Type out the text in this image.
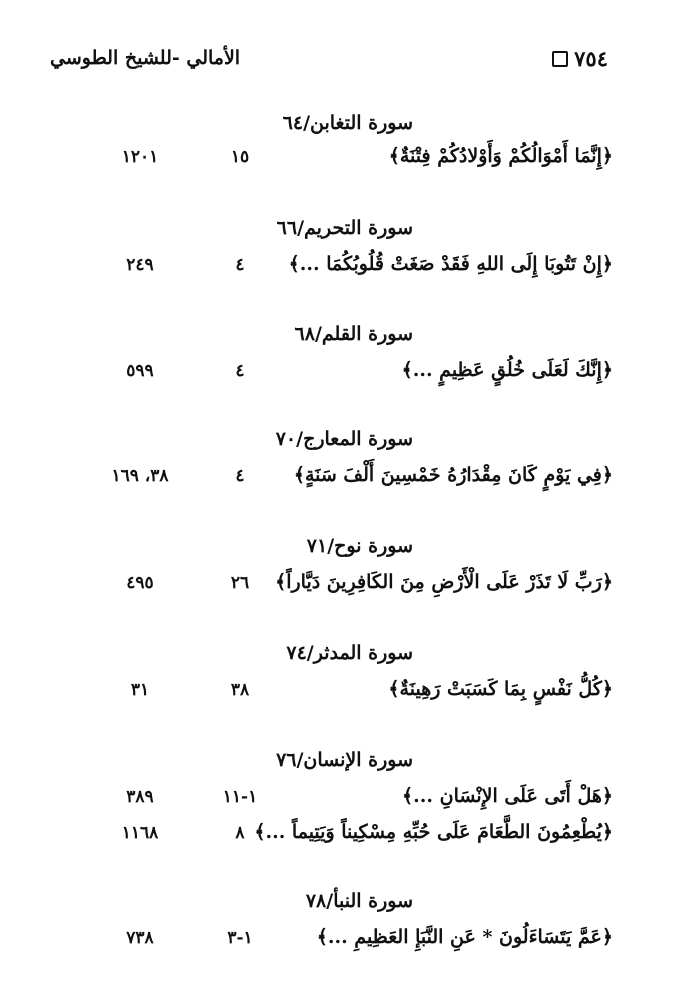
٧٥٤
الأمالي -للشيخ الطوسي
سورة التغابن/٦٤
﴿إِنَّمَا أَمْوَالُكُمْ وَأَوْلادُكُمْ فِتْنَةٌ﴾
١٥
١٢٠١
سورة التحريم/٦٦
﴿إِنْ تَتُوبَا إِلَى اللهِ فَقَدْ صَغَتْ قُلُوبُكُمَا ...﴾
٤
٢٤٩
سورة القلم/٦٨
﴿إِنَّكَ لَعَلَى خُلُقٍ عَظِيمٍ ...﴾
٤
٥٩٩
سورة المعارج/٧٠
﴿فِي يَوْمٍ كَانَ مِقْدَارُهُ خَمْسِينَ أَلْفَ سَنَةٍ﴾
٤
٣٨، ١٦٩
سورة نوح/٧١
﴿رَبِّ لَا تَذَرْ عَلَى الْأَرْضِ مِنَ الكَافِرِينَ دَيَّاراً﴾
٢٦
٤٩٥
سورة المدثر/٧٤
﴿كُلُّ نَفْسٍ بِمَا كَسَبَتْ رَهِينَةٌ﴾
٣٨
٣١
سورة الإنسان/٧٦
﴿هَلْ أَتَى عَلَى الإِنْسَانِ ...﴾
١-١١
٣٨٩
﴿يُطْعِمُونَ الطَّعَامَ عَلَى حُبِّهِ مِسْكِيناً وَيَتِيماً ...﴾
٨
١١٦٨
سورة النبأ/٧٨
﴿عَمَّ يَتَسَاءَلُونَ * عَنِ النَّبَإِ العَظِيمِ ...﴾
١-٣
٧٣٨
